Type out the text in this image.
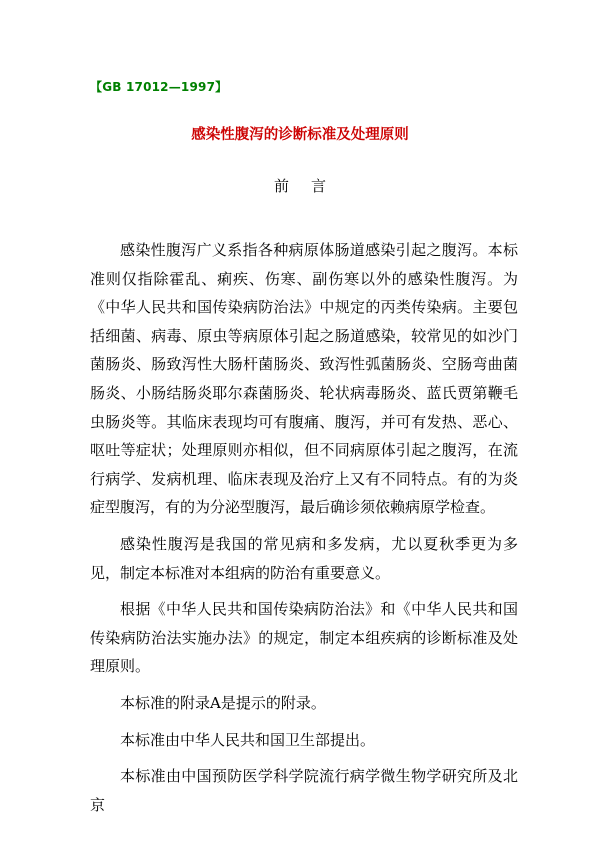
【GB 17012—1997】
感染性腹泻的诊断标准及处理原则
前言

感染性腹泻广义系指各种病原体肠道感染引起之腹泻。本标准则仅指除霍乱、痢疾、伤寒、副伤寒以外的感染性腹泻。为《中华人民共和国传染病防治法》中规定的丙类传染病。主要包括细菌、病毒、原虫等病原体引起之肠道感染，较常见的如沙门菌肠炎、肠致泻性大肠杆菌肠炎、致泻性弧菌肠炎、空肠弯曲菌肠炎、小肠结肠炎耶尔森菌肠炎、轮状病毒肠炎、蓝氏贾第鞭毛虫肠炎等。其临床表现均可有腹痛、腹泻，并可有发热、恶心、呕吐等症状；处理原则亦相似，但不同病原体引起之腹泻，在流行病学、发病机理、临床表现及治疗上又有不同特点。有的为炎症型腹泻，有的为分泌型腹泻，最后确诊须依赖病原学检查。

感染性腹泻是我国的常见病和多发病，尤以夏秋季更为多见，制定本标准对本组病的防治有重要意义。

根据《中华人民共和国传染病防治法》和《中华人民共和国传染病防治法实施办法》的规定，制定本组疾病的诊断标准及处理原则。

本标准的附录A是提示的附录。

本标准由中华人民共和国卫生部提出。

本标准由中国预防医学科学院流行病学微生物学研究所及北京
